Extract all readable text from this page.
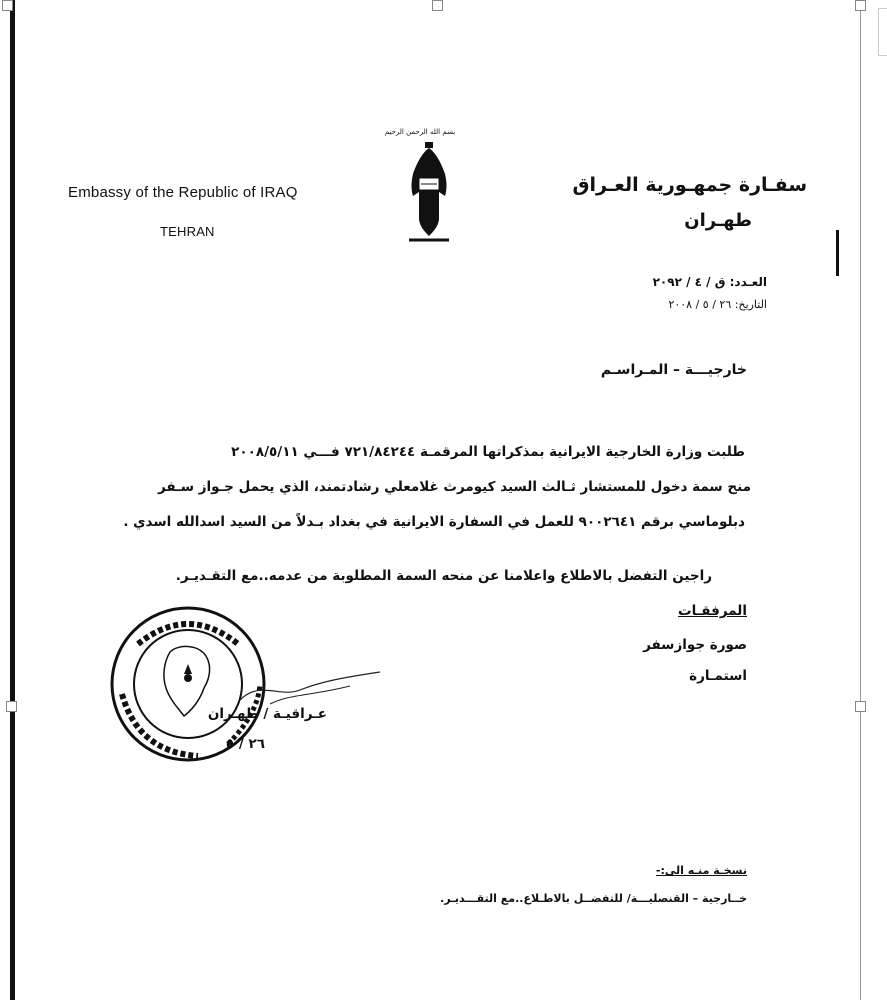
Embassy of the Republic of IRAQ
TEHRAN
بسم الله الرحمن الرحيم
سفـارة جمهـورية العـراق
طهـران
العـدد: ق / ٤ / ٢٠٩٢
التاريخ: ٢٦ / ٥ / ٢٠٠٨
خارجيـــة – المـراسـم
طلبت وزارة الخارجية الايرانية بمذكراتها المرقمـة ٧٢١/٨٤٢٤٤ فـــي ٢٠٠٨/٥/١١
منح سمة دخول للمستشار ثـالث السيد كيومرث غلامعلي رشادتمند، الذي يحمل جـواز سـفر
دبلوماسي برقم ٩٠٠٢٦٤١ للعمل في السفارة الايرانية في بغداد بـدلاً من السيد اسدالله اسدي .
راجين التفضل بالاطلاع واعلامنا عن منحه السمة المطلوبة من عدمه..مع التقـديـر.
المرفقـات
صورة جوازسفر
استمـارة
عـراقيـة / طهـران
٢٦ / ٥
نسخـة منـه الى:-
خــارجية – القنصليـــة/ للتفضــل بالاطـلاع..مع التقـــديـر.
